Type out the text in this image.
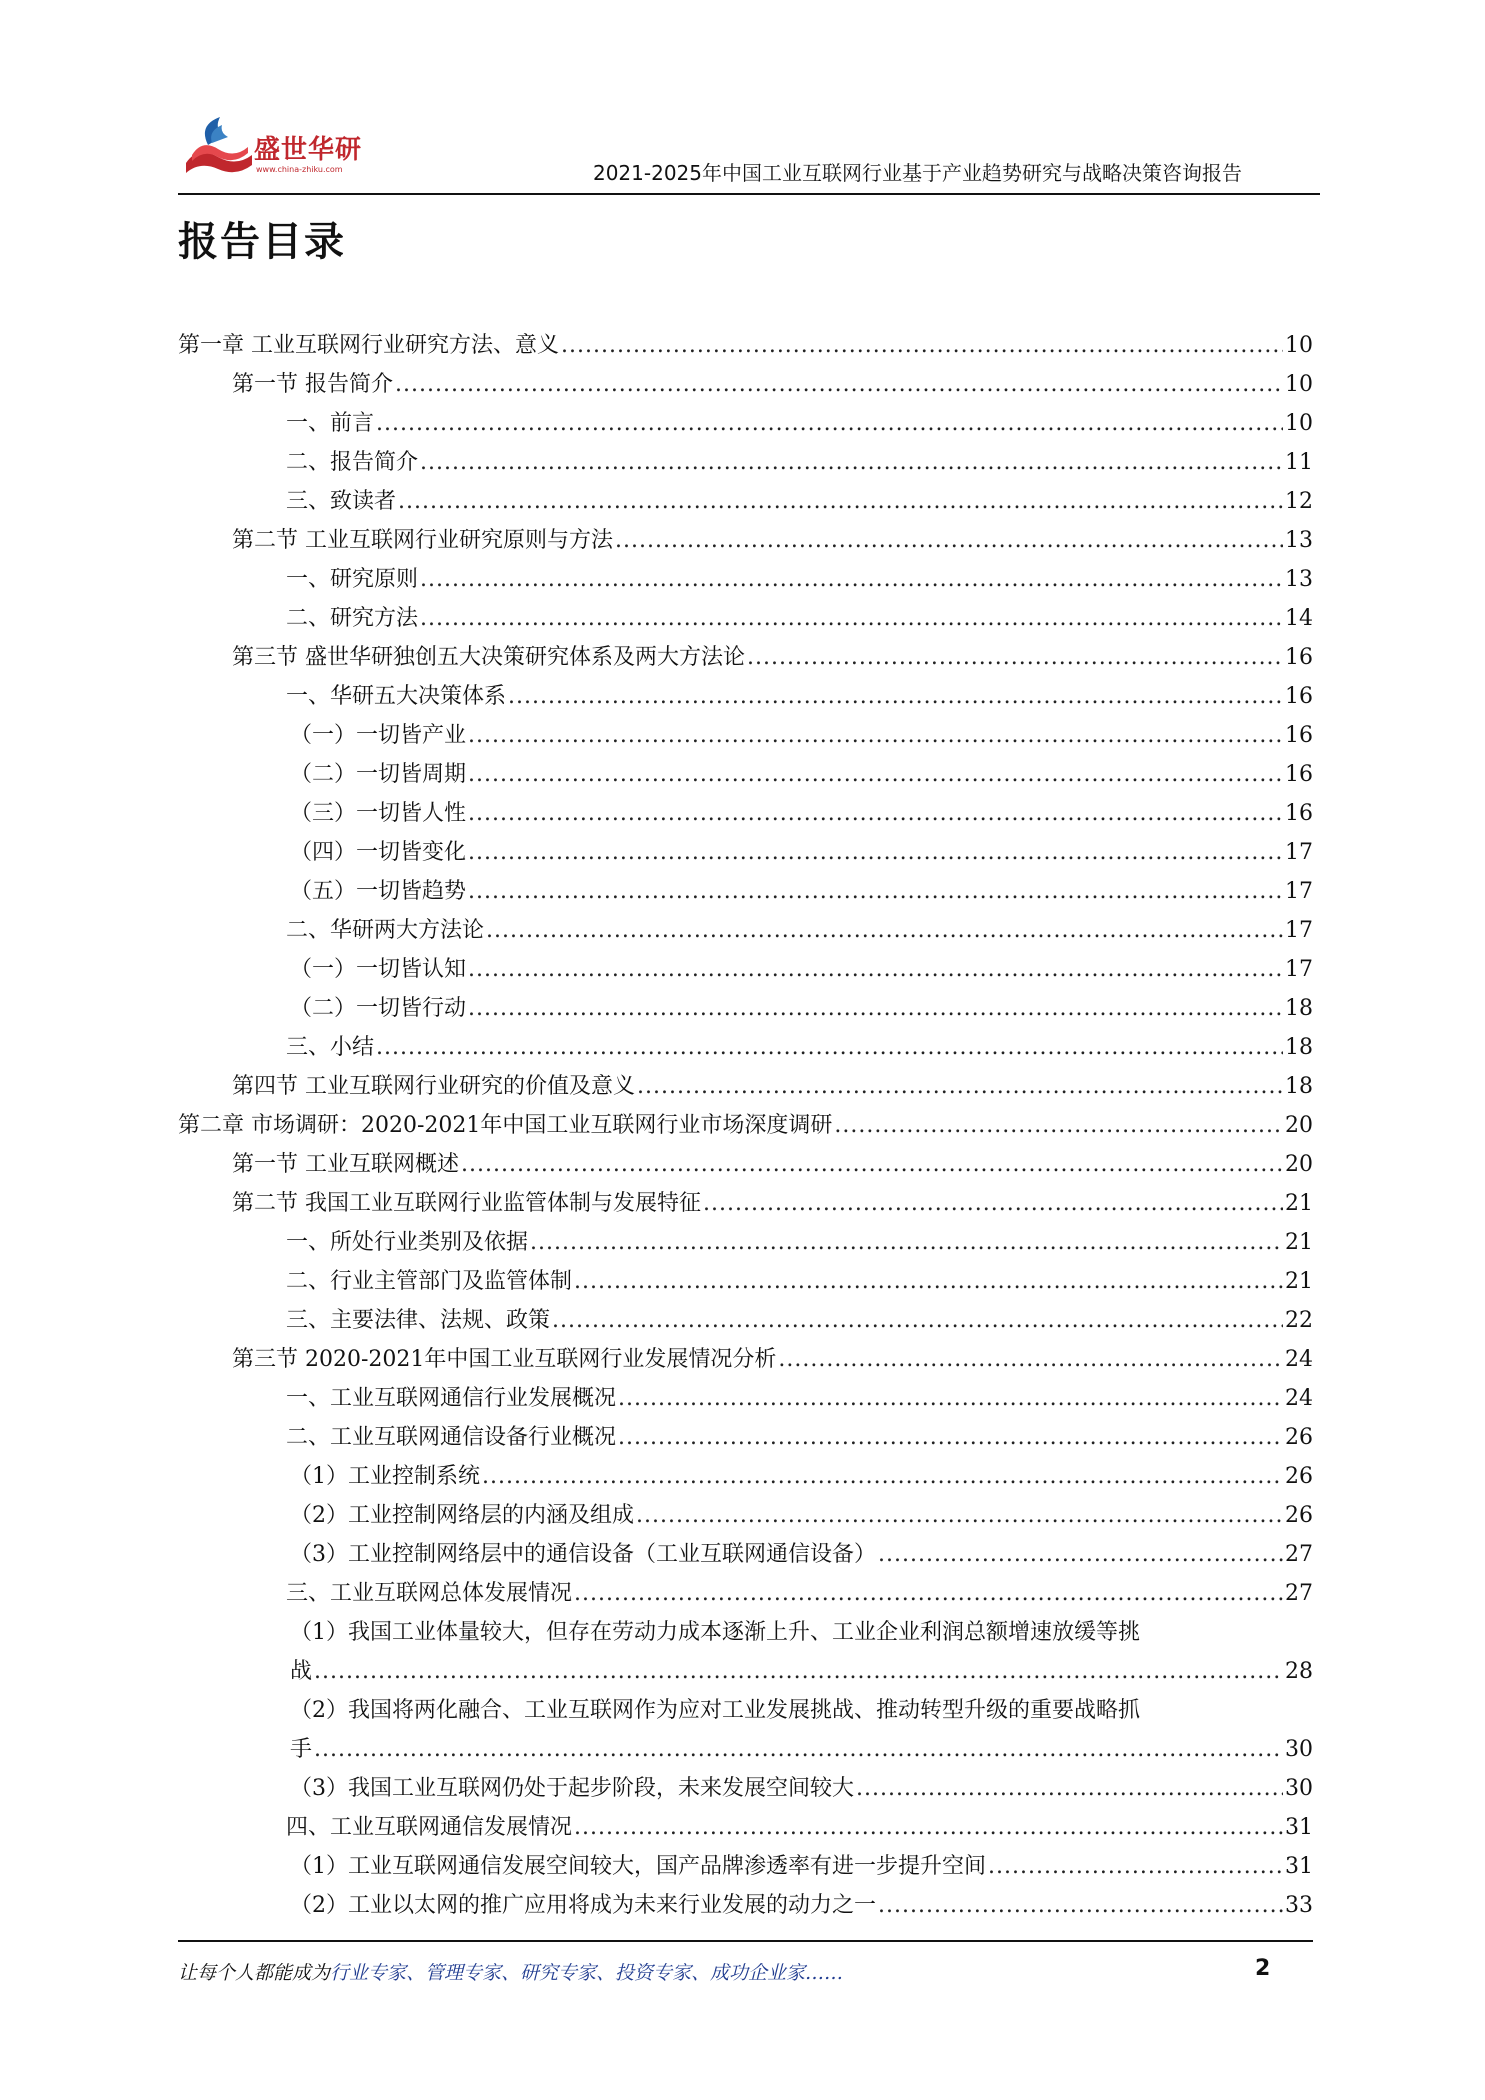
盛世华研
www.china-zhiku.com	2021-2025年中国工业互联网行业基于产业趋势研究与战略决策咨询报告
报告目录
第一章 工业互联网行业研究方法、意义 .....	10
第一节 报告简介 .....	10
一、前言 .....	10
二、报告简介 .....	11
三、致读者 .....	12
第二节 工业互联网行业研究原则与方法 .....	13
一、研究原则 .....	13
二、研究方法 .....	14
第三节 盛世华研独创五大决策研究体系及两大方法论 .....	16
一、华研五大决策体系 .....	16
（一）一切皆产业 .....	16
（二）一切皆周期 .....	16
（三）一切皆人性 .....	16
（四）一切皆变化 .....	17
（五）一切皆趋势 .....	17
二、华研两大方法论 .....	17
（一）一切皆认知 .....	17
（二）一切皆行动 .....	18
三、小结 .....	18
第四节 工业互联网行业研究的价值及意义 .....	18
第二章 市场调研：2020-2021年中国工业互联网行业市场深度调研 .....	20
第一节 工业互联网概述 .....	20
第二节 我国工业互联网行业监管体制与发展特征 .....	21
一、所处行业类别及依据 .....	21
二、行业主管部门及监管体制 .....	21
三、主要法律、法规、政策 .....	22
第三节 2020-2021年中国工业互联网行业发展情况分析 .....	24
一、工业互联网通信行业发展概况 .....	24
二、工业互联网通信设备行业概况 .....	26
（1）工业控制系统 .....	26
（2）工业控制网络层的内涵及组成 .....	26
（3）工业控制网络层中的通信设备（工业互联网通信设备） .....	27
三、工业互联网总体发展情况 .....	27
（1）我国工业体量较大，但存在劳动力成本逐渐上升、工业企业利润总额增速放缓等挑
战 .....	28
（2）我国将两化融合、工业互联网作为应对工业发展挑战、推动转型升级的重要战略抓
手 .....	30
（3）我国工业互联网仍处于起步阶段，未来发展空间较大 .....	30
四、工业互联网通信发展情况 .....	31
（1）工业互联网通信发展空间较大，国产品牌渗透率有进一步提升空间 .....	31
（2）工业以太网的推广应用将成为未来行业发展的动力之一 .....	33
让每个人都能成为行业专家、管理专家、研究专家、投资专家、成功企业家……	2
